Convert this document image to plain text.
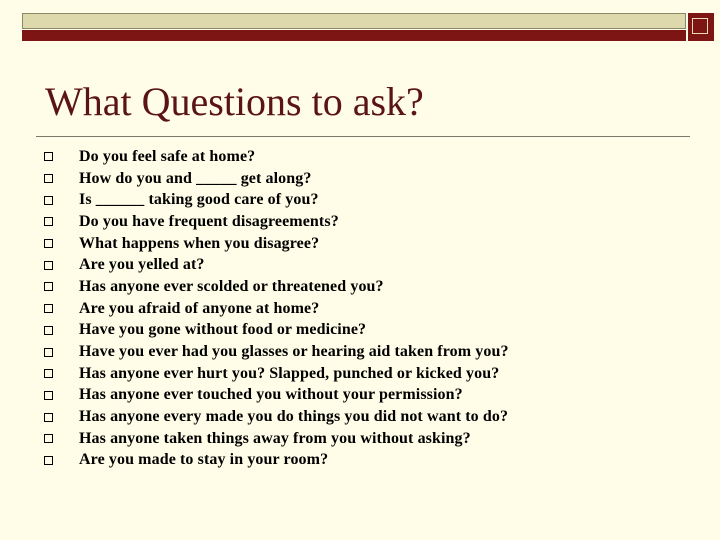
What Questions to ask?
Do you feel safe at home?
How do you and _____ get along?
Is ______ taking good care of you?
Do you have frequent disagreements?
What happens when you disagree?
Are you yelled at?
Has anyone ever scolded or threatened you?
Are you afraid of anyone at home?
Have you gone without food or medicine?
Have you ever had you glasses or hearing aid taken from you?
Has anyone ever hurt you? Slapped, punched or kicked you?
Has anyone ever touched you without your permission?
Has anyone every made you do things you did not want to do?
Has anyone taken things away from you without asking?
Are you made to stay in your room?
